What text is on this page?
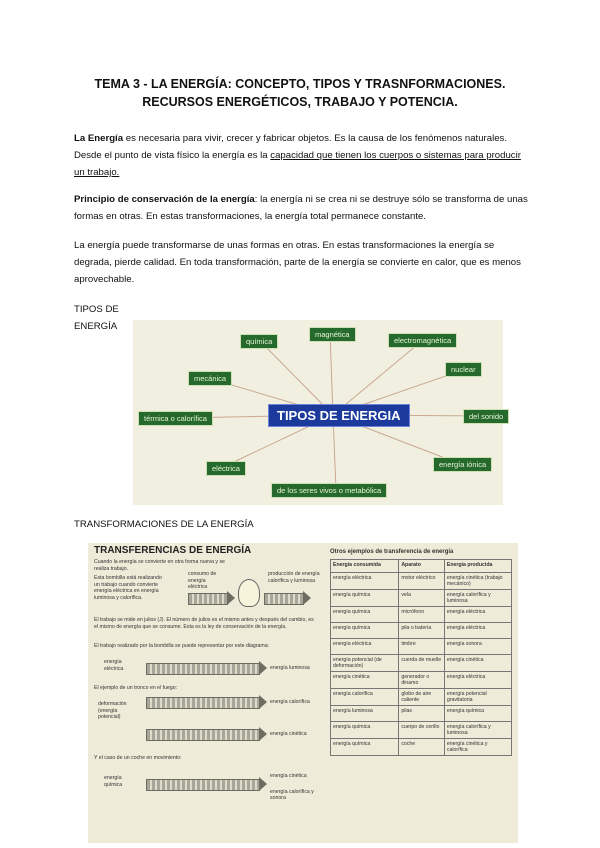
TEMA 3 - LA ENERGÍA: CONCEPTO, TIPOS Y TRASNFORMACIONES.
RECURSOS ENERGÉTICOS, TRABAJO Y POTENCIA.

La Energía es necesaria para vivir, crecer y fabricar objetos. Es la causa de los fenómenos naturales. Desde el punto de vista físico la energía es la capacidad que tienen los cuerpos o sistemas para producir un trabajo.

Principio de conservación de la energía: la energía ni se crea ni se destruye sólo se transforma de unas formas en otras. En estas transformaciones, la energía total permanece constante.

La energía puede transformarse de unas formas en otras. En estas transformaciones la energía se degrada, pierde calidad. En toda transformación, parte de la energía se convierte en calor, que es menos aprovechable.

TIPOS DE ENERGÍA
química
magnética
electromagnética
mecánica
nuclear
térmica o calorífica	TIPOS DE ENERGIA	del sonido
eléctrica	energía iónica
de los seres vivos o metabólica
TRANSFORMACIONES DE LA ENERGÍA
TRANSFERENCIAS DE ENERGÍA	Otros ejemplos de transferencia de energía
Cuando la energía se convierte en otra forma nueva y se realiza trabajo.
Esta bombilla está realizando un trabajo cuando convierte energía eléctrica en energía luminosa y calorífica.
consumo de energía eléctrica
producción de energía calorífica y luminosa
El trabajo se mide en julios (J). El número de julios es el mismo antes y después del cambio, es el mismo de energía que se consume. Esta es la ley de conservación de la energía.
El trabajo realizado por la bombilla se puede representar por este diagrama:
energía eléctrica	energía luminosa
El ejemplo de un tronco en el fuego:
deformación (energía potencial)
energía calorífica
energía cinética
Y el caso de un coche en movimiento:
energía química
energía cinética
energía calorífica y sonora
Energía consumida	Aparato	Energía producida
energía eléctrica	motor eléctrico	energía cinética (trabajo mecánico)
energía química	vela	energía calorífica y luminosa
energía química	micrófono	energía eléctrica
energía química	pila o batería	energía eléctrica
energía eléctrica	timbre	energía sonora
energía potencial (de deformación)	cuerda de muelle	energía cinética
energía cinética	generador o dinamo	energía eléctrica
energía calorífica	globo de aire caliente	energía potencial gravitatoria
energía luminosa	pilas	energía química
energía química	cuerpo de cerillo	energía calorífica y luminosa
energía química	coche	energía cinética y calorífica
